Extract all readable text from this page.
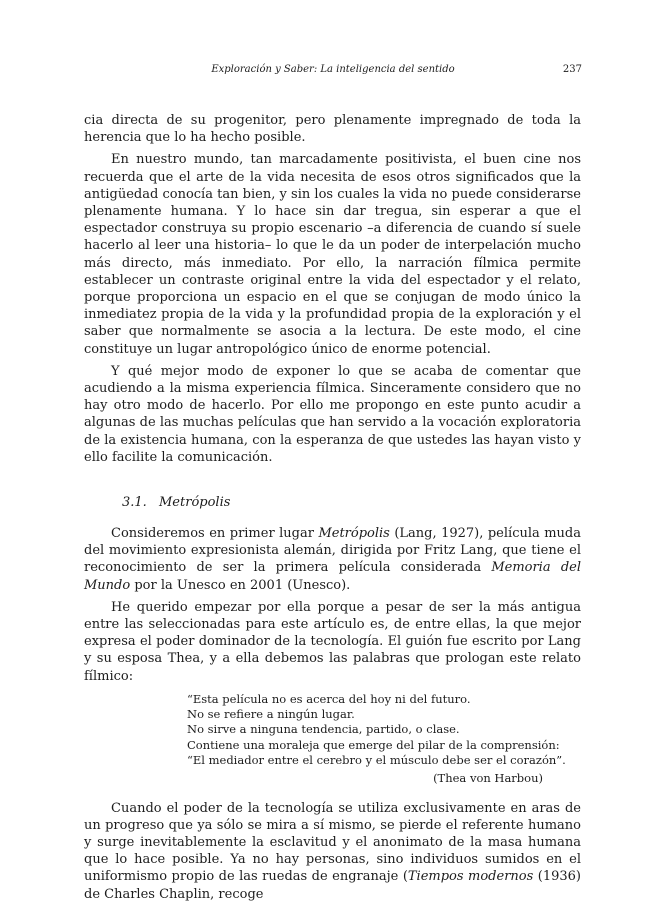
Exploración y Saber: La inteligencia del sentido	237

cia directa de su progenitor, pero plenamente impregnado de toda la herencia que lo ha hecho posible.

En nuestro mundo, tan marcadamente positivista, el buen cine nos recuerda que el arte de la vida necesita de esos otros significados que la antigüedad conocía tan bien, y sin los cuales la vida no puede considerarse plenamente humana. Y lo hace sin dar tregua, sin esperar a que el espectador construya su propio escenario –a diferencia de cuando sí suele hacerlo al leer una historia– lo que le da un poder de interpelación mucho más directo, más inmediato. Por ello, la narración fílmica permite establecer un contraste original entre la vida del espectador y el relato, porque proporciona un espacio en el que se conjugan de modo único la inmediatez propia de la vida y la profundidad propia de la exploración y el saber que normalmente se asocia a la lectura. De este modo, el cine constituye un lugar antropológico único de enorme potencial.

Y qué mejor modo de exponer lo que se acaba de comentar que acudiendo a la misma experiencia fílmica. Sinceramente considero que no hay otro modo de hacerlo. Por ello me propongo en este punto acudir a algunas de las muchas películas que han servido a la vocación exploratoria de la existencia humana, con la esperanza de que ustedes las hayan visto y ello facilite la comunicación.

3.1. Metrópolis

Consideremos en primer lugar Metrópolis (Lang, 1927), película muda del movimiento expresionista alemán, dirigida por Fritz Lang, que tiene el reconocimiento de ser la primera película considerada Memoria del Mundo por la Unesco en 2001 (Unesco).

He querido empezar por ella porque a pesar de ser la más antigua entre las seleccionadas para este artículo es, de entre ellas, la que mejor expresa el poder dominador de la tecnología. El guión fue escrito por Lang y su esposa Thea, y a ella debemos las palabras que prologan este relato fílmico:

“Esta película no es acerca del hoy ni del futuro.
No se refiere a ningún lugar.
No sirve a ninguna tendencia, partido, o clase.
Contiene una moraleja que emerge del pilar de la comprensión:
“El mediador entre el cerebro y el músculo debe ser el corazón”.
(Thea von Harbou)

Cuando el poder de la tecnología se utiliza exclusivamente en aras de un progreso que ya sólo se mira a sí mismo, se pierde el referente humano y surge inevitablemente la esclavitud y el anonimato de la masa humana que lo hace posible. Ya no hay personas, sino individuos sumidos en el uniformismo propio de las ruedas de engranaje (Tiempos modernos (1936) de Charles Chaplin, recoge
